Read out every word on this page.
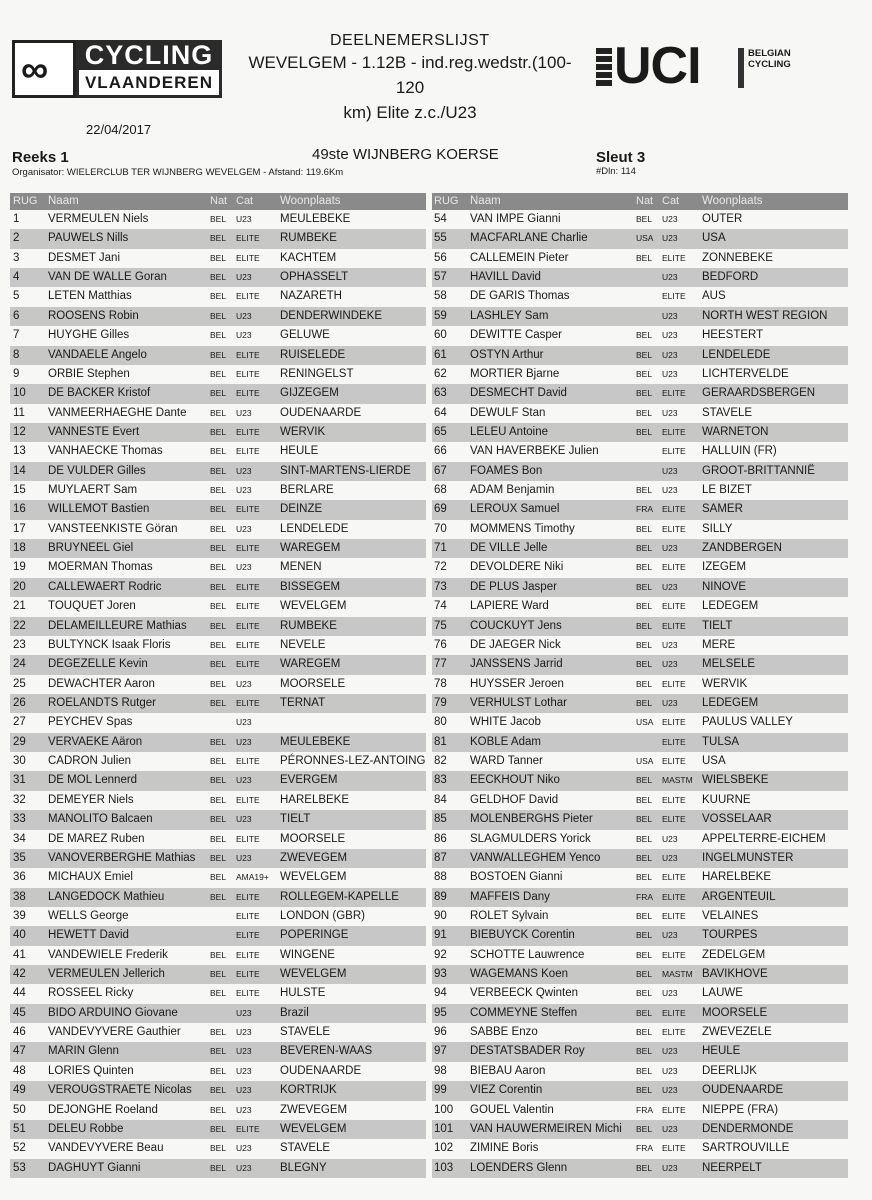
∞	CYCLING
VLAANDEREN
DEELNEMERSLIJST
WEVELGEM - 1.12B - ind.reg.wedstr.(100-120
km) Elite z.c./U23
22/04/2017
UCI	BELGIAN
CYCLING
Reeks 1	49ste WIJNBERG KOERSE	Sleut 3
Organisator: WIELERCLUB TER WIJNBERG WEVELGEM - Afstand: 119.6Km	#Dln: 114
RUG Naam	Nat Cat Woonplaats
1 VERMEULEN Niels	BEL U23 MEULEBEKE
2 PAUWELS Nills	BEL ELITE RUMBEKE
3 DESMET Jani	BEL ELITE KACHTEM
4 VAN DE WALLE Goran	BEL U23 OPHASSELT
5 LETEN Matthias	BEL ELITE NAZARETH
6 ROOSENS Robin	BEL U23 DENDERWINDEKE
7 HUYGHE Gilles	BEL U23 GELUWE
8 VANDAELE Angelo	BEL ELITE RUISELEDE
9 ORBIE Stephen	BEL ELITE RENINGELST
10 DE BACKER Kristof	BEL ELITE GIJZEGEM
11 VANMEERHAEGHE Dante	BEL U23 OUDENAARDE
12 VANNESTE Evert	BEL ELITE WERVIK
13 VANHAECKE Thomas	BEL ELITE HEULE
14 DE VULDER Gilles	BEL U23 SINT-MARTENS-LIERDE
15 MUYLAERT Sam	BEL U23 BERLARE
16 WILLEMOT Bastien	BEL ELITE DEINZE
17 VANSTEENKISTE Göran	BEL U23 LENDELEDE
18 BRUYNEEL Giel	BEL ELITE WAREGEM
19 MOERMAN Thomas	BEL U23 MENEN
20 CALLEWAERT Rodric	BEL ELITE BISSEGEM
21 TOUQUET Joren	BEL ELITE WEVELGEM
22 DELAMEILLEURE Mathias	BEL ELITE RUMBEKE
23 BULTYNCK Isaak Floris	BEL ELITE NEVELE
24 DEGEZELLE Kevin	BEL ELITE WAREGEM
25 DEWACHTER Aaron	BEL U23 MOORSELE
26 ROELANDTS Rutger	BEL ELITE TERNAT
27 PEYCHEV Spas	U23
29 VERVAEKE Aäron	BEL U23 MEULEBEKE
30 CADRON Julien	BEL ELITE PÉRONNES-LEZ-ANTOING
31 DE MOL Lennerd	BEL U23 EVERGEM
32 DEMEYER Niels	BEL ELITE HARELBEKE
33 MANOLITO Balcaen	BEL U23 TIELT
34 DE MAREZ Ruben	BEL ELITE MOORSELE
35 VANOVERBERGHE Mathias BEL U23 ZWEVEGEM
36 MICHAUX Emiel	BEL AMA19+ WEVELGEM
38 LANGEDOCK Mathieu	BEL ELITE ROLLEGEM-KAPELLE
39 WELLS George	ELITE LONDON (GBR)
40 HEWETT David	ELITE POPERINGE
41 VANDEWIELE Frederik	BEL ELITE WINGENE
42 VERMEULEN Jellerich	BEL ELITE WEVELGEM
44 ROSSEEL Ricky	BEL ELITE HULSTE
45 BIDO ARDUINO Giovane	U23 Brazil
46 VANDEVYVERE Gauthier	BEL U23 STAVELE
47 MARIN Glenn	BEL U23 BEVEREN-WAAS
48 LORIES Quinten	BEL U23 OUDENAARDE
49 VEROUGSTRAETE Nicolas BEL U23 KORTRIJK
50 DEJONGHE Roeland	BEL U23 ZWEVEGEM
51 DELEU Robbe	BEL ELITE WEVELGEM
52 VANDEVYVERE Beau	BEL U23 STAVELE
53 DAGHUYT Gianni	BEL U23 BLEGNY
RUG Naam	Nat Cat Woonplaats
54 VAN IMPE Gianni	BEL U23 OUTER
55 MACFARLANE Charlie	USA U23 USA
56 CALLEMEIN Pieter	BEL ELITE ZONNEBEKE
57 HAVILL David	U23 BEDFORD
58 DE GARIS Thomas	ELITE AUS
59 LASHLEY Sam	U23 NORTH WEST REGION
60 DEWITTE Casper	BEL U23 HEESTERT
61 OSTYN Arthur	BEL U23 LENDELEDE
62 MORTIER Bjarne	BEL U23 LICHTERVELDE
63 DESMECHT David	BEL ELITE GERAARDSBERGEN
64 DEWULF Stan	BEL U23 STAVELE
65 LELEU Antoine	BEL ELITE WARNETON
66 VAN HAVERBEKE Julien	ELITE HALLUIN (FR)
67 FOAMES Bon	U23 GROOT-BRITTANNIË
68 ADAM Benjamin	BEL U23 LE BIZET
69 LEROUX Samuel	FRA ELITE SAMER
70 MOMMENS Timothy	BEL ELITE SILLY
71 DE VILLE Jelle	BEL U23 ZANDBERGEN
72 DEVOLDERE Niki	BEL ELITE IZEGEM
73 DE PLUS Jasper	BEL U23 NINOVE
74 LAPIERE Ward	BEL ELITE LEDEGEM
75 COUCKUYT Jens	BEL ELITE TIELT
76 DE JAEGER Nick	BEL U23 MERE
77 JANSSENS Jarrid	BEL U23 MELSELE
78 HUYSSER Jeroen	BEL ELITE WERVIK
79 VERHULST Lothar	BEL U23 LEDEGEM
80 WHITE Jacob	USA ELITE PAULUS VALLEY
81 KOBLE Adam	ELITE TULSA
82 WARD Tanner	USA ELITE USA
83 EECKHOUT Niko	BEL MASTM WIELSBEKE
84 GELDHOF David	BEL ELITE KUURNE
85 MOLENBERGHS Pieter	BEL ELITE VOSSELAAR
86 SLAGMULDERS Yorick	BEL U23 APPELTERRE-EICHEM
87 VANWALLEGHEM Yenco	BEL U23 INGELMUNSTER
88 BOSTOEN Gianni	BEL ELITE HARELBEKE
89 MAFFEIS Dany	FRA ELITE ARGENTEUIL
90 ROLET Sylvain	BEL ELITE VELAINES
91 BIEBUYCK Corentin	BEL U23 TOURPES
92 SCHOTTE Lauwrence	BEL ELITE ZEDELGEM
93 WAGEMANS Koen	BEL MASTM BAVIKHOVE
94 VERBEECK Qwinten	BEL U23 LAUWE
95 COMMEYNE Steffen	BEL ELITE MOORSELE
96 SABBE Enzo	BEL ELITE ZWEVEZELE
97 DESTATSBADER Roy	BEL U23 HEULE
98 BIEBAU Aaron	BEL U23 DEERLIJK
99 VIEZ Corentin	BEL U23 OUDENAARDE
100 GOUEL Valentin	FRA ELITE NIEPPE (FRA)
101 VAN HAUWERMEIREN Michi BEL U23 DENDERMONDE
102 ZIMINE Boris	FRA ELITE SARTROUVILLE
103 LOENDERS Glenn	BEL U23 NEERPELT
